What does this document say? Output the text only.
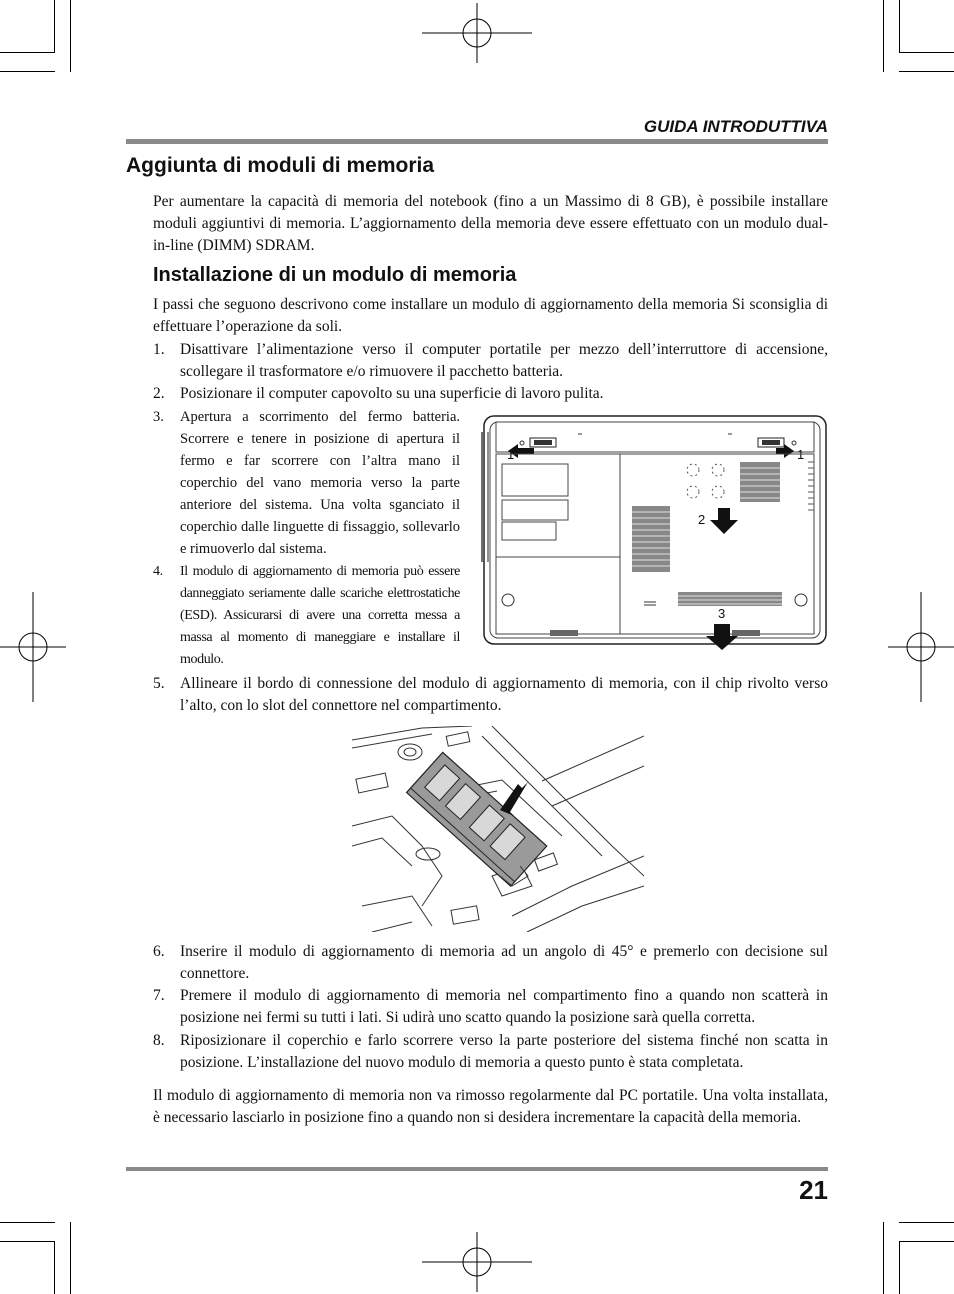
GUIDA INTRODUTTIVA
Aggiunta di moduli di memoria

Per aumentare la capacità di memoria del notebook (fino a un Massimo di 8 GB), è possibile installare moduli aggiuntivi di memoria. L’aggiornamento della memoria deve essere effettuato con un modulo dual-in-line (DIMM) SDRAM.

Installazione di un modulo di memoria

I passi che seguono descrivono come installare un modulo di aggiornamento della memoria Si sconsiglia di effettuare l’operazione da soli.

1. Disattivare l’alimentazione verso il computer portatile per mezzo dell’interruttore di accensione, scollegare il trasformatore e/o rimuovere il pacchetto batteria.
2. Posizionare il computer capovolto su una superficie di lavoro pulita.
3. Apertura a scorrimento del fermo batteria. Scorrere e tenere in posizione di apertura il fermo e far scorrere con l’altra mano il coperchio del vano memoria verso la parte anteriore del sistema. Una volta sganciato il coperchio dalle linguette di fissaggio, sollevarlo e rimuoverlo dal sistema.
4. Il modulo di aggiornamento di memoria può essere danneggiato seriamente dalle scariche elettrostatiche (ESD). Assicurarsi di avere una corretta messa a massa al momento di maneggiare e installare il modulo.
5. Allineare il bordo di connessione del modulo di aggiornamento di memoria, con il chip rivolto verso l’alto, con lo slot del connettore nel compartimento.
1	1
2
3
6. Inserire il modulo di aggiornamento di memoria ad un angolo di 45° e premerlo con decisione sul connettore.
7. Premere il modulo di aggiornamento di memoria nel compartimento fino a quando non scatterà in posizione nei fermi su tutti i lati. Si udirà uno scatto quando la posizione sarà quella corretta.
8. Riposizionare il coperchio e farlo scorrere verso la parte posteriore del sistema finché non scatta in posizione. L’installazione del nuovo modulo di memoria a questo punto è stata completata.

Il modulo di aggiornamento di memoria non va rimosso regolarmente dal PC portatile. Una volta installata, è necessario lasciarlo in posizione fino a quando non si desidera incrementare la capacità della memoria.

21
